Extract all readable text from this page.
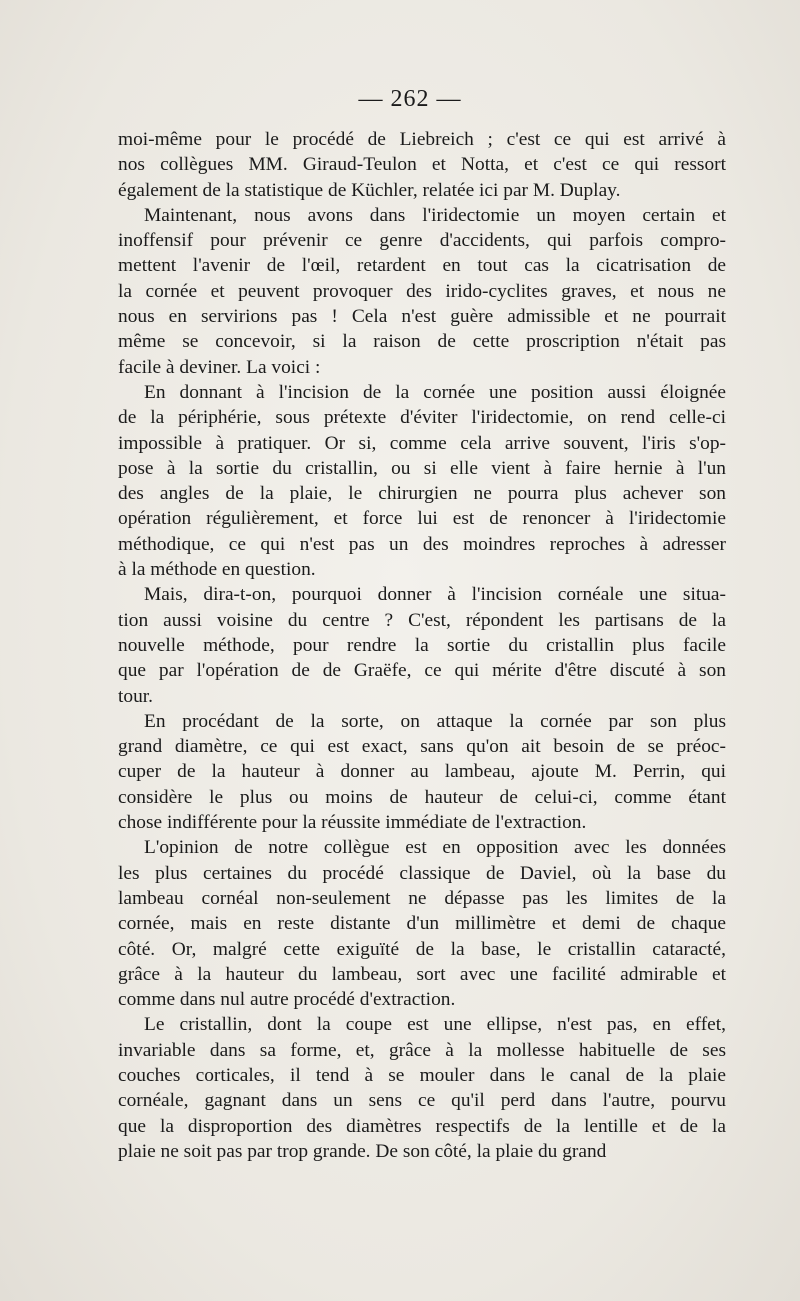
— 262 —
moi-même pour le procédé de Liebreich ; c'est ce qui est arrivé à
nos collègues MM. Giraud-Teulon et Notta, et c'est ce qui ressort
également de la statistique de Küchler, relatée ici par M. Duplay.
Maintenant, nous avons dans l'iridectomie un moyen certain et
inoffensif pour prévenir ce genre d'accidents, qui parfois compro-
mettent l'avenir de l'œil, retardent en tout cas la cicatrisation de
la cornée et peuvent provoquer des irido-cyclites graves, et nous ne
nous en servirions pas ! Cela n'est guère admissible et ne pourrait
même se concevoir, si la raison de cette proscription n'était pas
facile à deviner. La voici :
En donnant à l'incision de la cornée une position aussi éloignée
de la périphérie, sous prétexte d'éviter l'iridectomie, on rend celle-ci
impossible à pratiquer. Or si, comme cela arrive souvent, l'iris s'op-
pose à la sortie du cristallin, ou si elle vient à faire hernie à l'un
des angles de la plaie, le chirurgien ne pourra plus achever son
opération régulièrement, et force lui est de renoncer à l'iridectomie
méthodique, ce qui n'est pas un des moindres reproches à adresser
à la méthode en question.
Mais, dira-t-on, pourquoi donner à l'incision cornéale une situa-
tion aussi voisine du centre ? C'est, répondent les partisans de la
nouvelle méthode, pour rendre la sortie du cristallin plus facile
que par l'opération de de Graëfe, ce qui mérite d'être discuté à son
tour.
En procédant de la sorte, on attaque la cornée par son plus
grand diamètre, ce qui est exact, sans qu'on ait besoin de se préoc-
cuper de la hauteur à donner au lambeau, ajoute M. Perrin, qui
considère le plus ou moins de hauteur de celui-ci, comme étant
chose indifférente pour la réussite immédiate de l'extraction.
L'opinion de notre collègue est en opposition avec les données
les plus certaines du procédé classique de Daviel, où la base du
lambeau cornéal non-seulement ne dépasse pas les limites de la
cornée, mais en reste distante d'un millimètre et demi de chaque
côté. Or, malgré cette exiguïté de la base, le cristallin cataracté,
grâce à la hauteur du lambeau, sort avec une facilité admirable et
comme dans nul autre procédé d'extraction.
Le cristallin, dont la coupe est une ellipse, n'est pas, en effet,
invariable dans sa forme, et, grâce à la mollesse habituelle de ses
couches corticales, il tend à se mouler dans le canal de la plaie
cornéale, gagnant dans un sens ce qu'il perd dans l'autre, pourvu
que la disproportion des diamètres respectifs de la lentille et de la
plaie ne soit pas par trop grande. De son côté, la plaie du grand
